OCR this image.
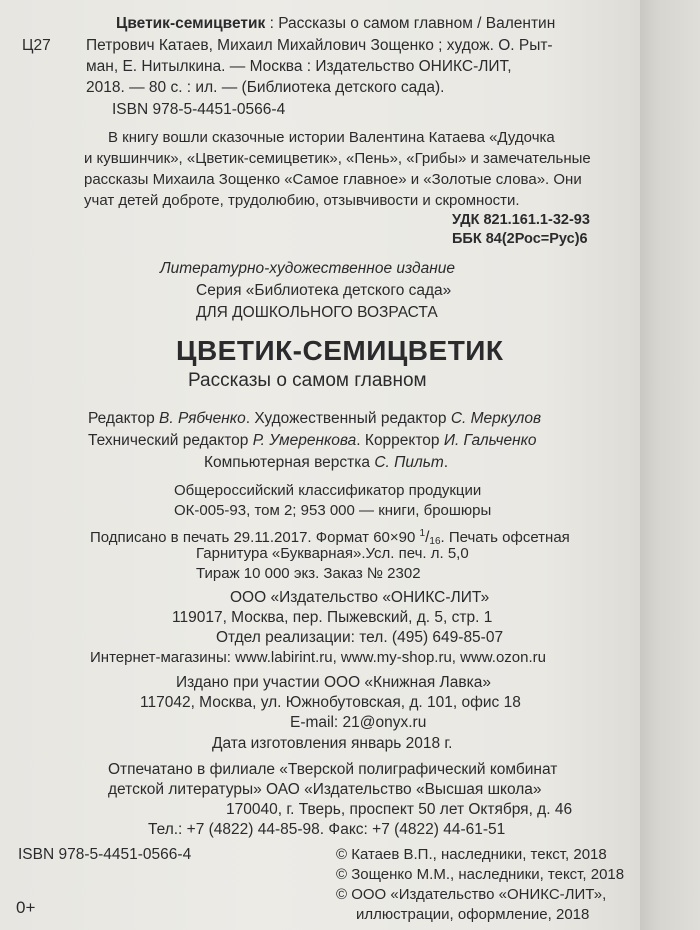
Цветик-семицветик : Рассказы о самом главном / Валентин
Ц27 Петрович Катаев, Михаил Михайлович Зощенко ; худож. О. Рыт-
ман, Е. Нитылкина. — Москва : Издательство ОНИКС-ЛИТ,
2018. — 80 с. : ил. — (Библиотека детского сада).
ISBN 978-5-4451-0566-4
В книгу вошли сказочные истории Валентина Катаева «Дудочка
и кувшинчик», «Цветик-семицветик», «Пень», «Грибы» и замечательные
рассказы Михаила Зощенко «Самое главное» и «Золотые слова». Они
учат детей доброте, трудолюбию, отзывчивости и скромности.
УДК 821.161.1-32-93
ББК 84(2Рос=Рус)6
Литературно-художественное издание
Серия «Библиотека детского сада»
ДЛЯ ДОШКОЛЬНОГО ВОЗРАСТА
ЦВЕТИК-СЕМИЦВЕТИК
Рассказы о самом главном
Редактор В. Рябченко. Художественный редактор С. Меркулов
Технический редактор Р. Умеренкова. Корректор И. Гальченко
Компьютерная верстка С. Пильт.
Общероссийский классификатор продукции
ОК-005-93, том 2; 953 000 — книги, брошюры
Подписано в печать 29.11.2017. Формат 60×90 $^1/_{16}$. Печать офсетная
Гарнитура «Букварная».Усл. печ. л. 5,0
Тираж 10 000 экз. Заказ № 2302
ООО «Издательство «ОНИКС-ЛИТ»
119017, Москва, пер. Пыжевский, д. 5, стр. 1
Отдел реализации: тел. (495) 649-85-07
Интернет-магазины: www.labirint.ru, www.my-shop.ru, www.ozon.ru
Издано при участии ООО «Книжная Лавка»
117042, Москва, ул. Южнобутовская, д. 101, офис 18
E-mail: 21@onyx.ru
Дата изготовления январь 2018 г.
Отпечатано в филиале «Тверской полиграфический комбинат
детской литературы» ОАО «Издательство «Высшая школа»
170040, г. Тверь, проспект 50 лет Октября, д. 46
Тел.: +7 (4822) 44-85-98. Факс: +7 (4822) 44-61-51
ISBN 978-5-4451-0566-4	© Катаев В.П., наследники, текст, 2018
© Зощенко М.М., наследники, текст, 2018
© ООО «Издательство «ОНИКС-ЛИТ»,
иллюстрации, оформление, 2018
0+
